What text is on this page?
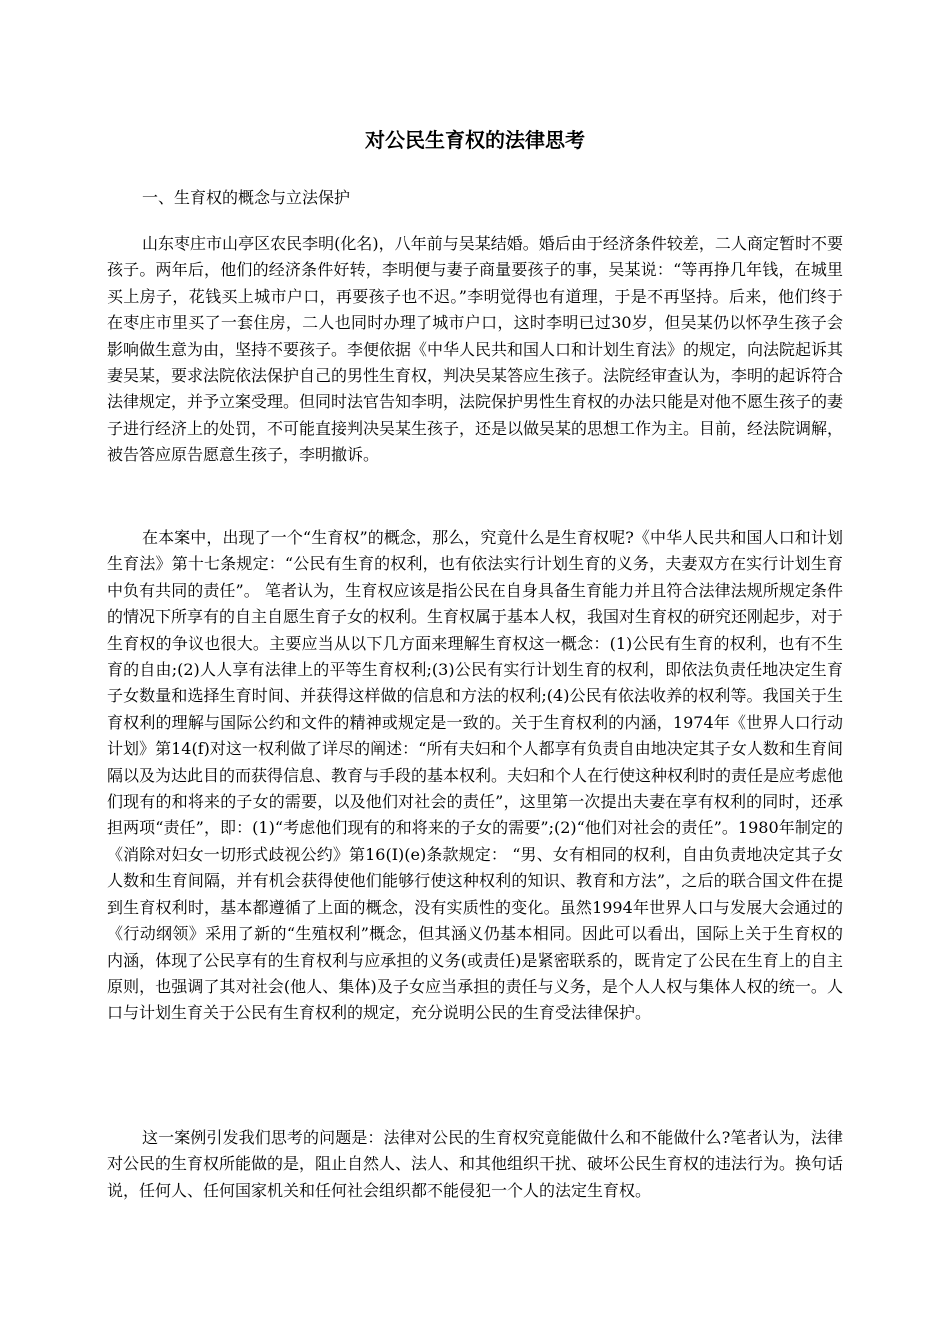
对公民生育权的法律思考

一、生育权的概念与立法保护

山东枣庄市山亭区农民李明(化名)，八年前与吴某结婚。婚后由于经济条件较差，二人商定暂时不要孩子。两年后，他们的经济条件好转，李明便与妻子商量要孩子的事，吴某说：“等再挣几年钱，在城里买上房子，花钱买上城市户口，再要孩子也不迟。”李明觉得也有道理，于是不再坚持。后来，他们终于在枣庄市里买了一套住房，二人也同时办理了城市户口，这时李明已过30岁，但吴某仍以怀孕生孩子会影响做生意为由，坚持不要孩子。李便依据《中华人民共和国人口和计划生育法》的规定，向法院起诉其妻吴某，要求法院依法保护自己的男性生育权，判决吴某答应生孩子。法院经审查认为，李明的起诉符合法律规定，并予立案受理。但同时法官告知李明，法院保护男性生育权的办法只能是对他不愿生孩子的妻子进行经济上的处罚，不可能直接判决吴某生孩子，还是以做吴某的思想工作为主。目前，经法院调解，被告答应原告愿意生孩子，李明撤诉。

在本案中，出现了一个“生育权”的概念，那么，究竟什么是生育权呢?《中华人民共和国人口和计划生育法》第十七条规定：“公民有生育的权利，也有依法实行计划生育的义务，夫妻双方在实行计划生育中负有共同的责任”。 笔者认为，生育权应该是指公民在自身具备生育能力并且符合法律法规所规定条件的情况下所享有的自主自愿生育子女的权利。生育权属于基本人权，我国对生育权的研究还刚起步，对于生育权的争议也很大。主要应当从以下几方面来理解生育权这一概念：(1)公民有生育的权利，也有不生育的自由;(2)人人享有法律上的平等生育权利;(3)公民有实行计划生育的权利，即依法负责任地决定生育子女数量和选择生育时间、并获得这样做的信息和方法的权利;(4)公民有依法收养的权利等。我国关于生育权利的理解与国际公约和文件的精神或规定是一致的。关于生育权利的内涵，1974年《世界人口行动计划》第14(f)对这一权利做了详尽的阐述：“所有夫妇和个人都享有负责自由地决定其子女人数和生育间隔以及为达此目的而获得信息、教育与手段的基本权利。夫妇和个人在行使这种权利时的责任是应考虑他们现有的和将来的子女的需要，以及他们对社会的责任”，这里第一次提出夫妻在享有权利的同时，还承担两项“责任”，即：(1)“考虑他们现有的和将来的子女的需要”;(2)“他们对社会的责任”。1980年制定的《消除对妇女一切形式歧视公约》第16(I)(e)条款规定： “男、女有相同的权利，自由负责地决定其子女人数和生育间隔，并有机会获得使他们能够行使这种权利的知识、教育和方法”，之后的联合国文件在提到生育权利时，基本都遵循了上面的概念，没有实质性的变化。虽然1994年世界人口与发展大会通过的《行动纲领》采用了新的“生殖权利”概念，但其涵义仍基本相同。因此可以看出，国际上关于生育权的内涵，体现了公民享有的生育权利与应承担的义务(或责任)是紧密联系的，既肯定了公民在生育上的自主原则，也强调了其对社会(他人、集体)及子女应当承担的责任与义务，是个人人权与集体人权的统一。人口与计划生育关于公民有生育权利的规定，充分说明公民的生育受法律保护。

这一案例引发我们思考的问题是：法律对公民的生育权究竟能做什么和不能做什么?笔者认为，法律对公民的生育权所能做的是，阻止自然人、法人、和其他组织干扰、破坏公民生育权的违法行为。换句话说，任何人、任何国家机关和任何社会组织都不能侵犯一个人的法定生育权。
